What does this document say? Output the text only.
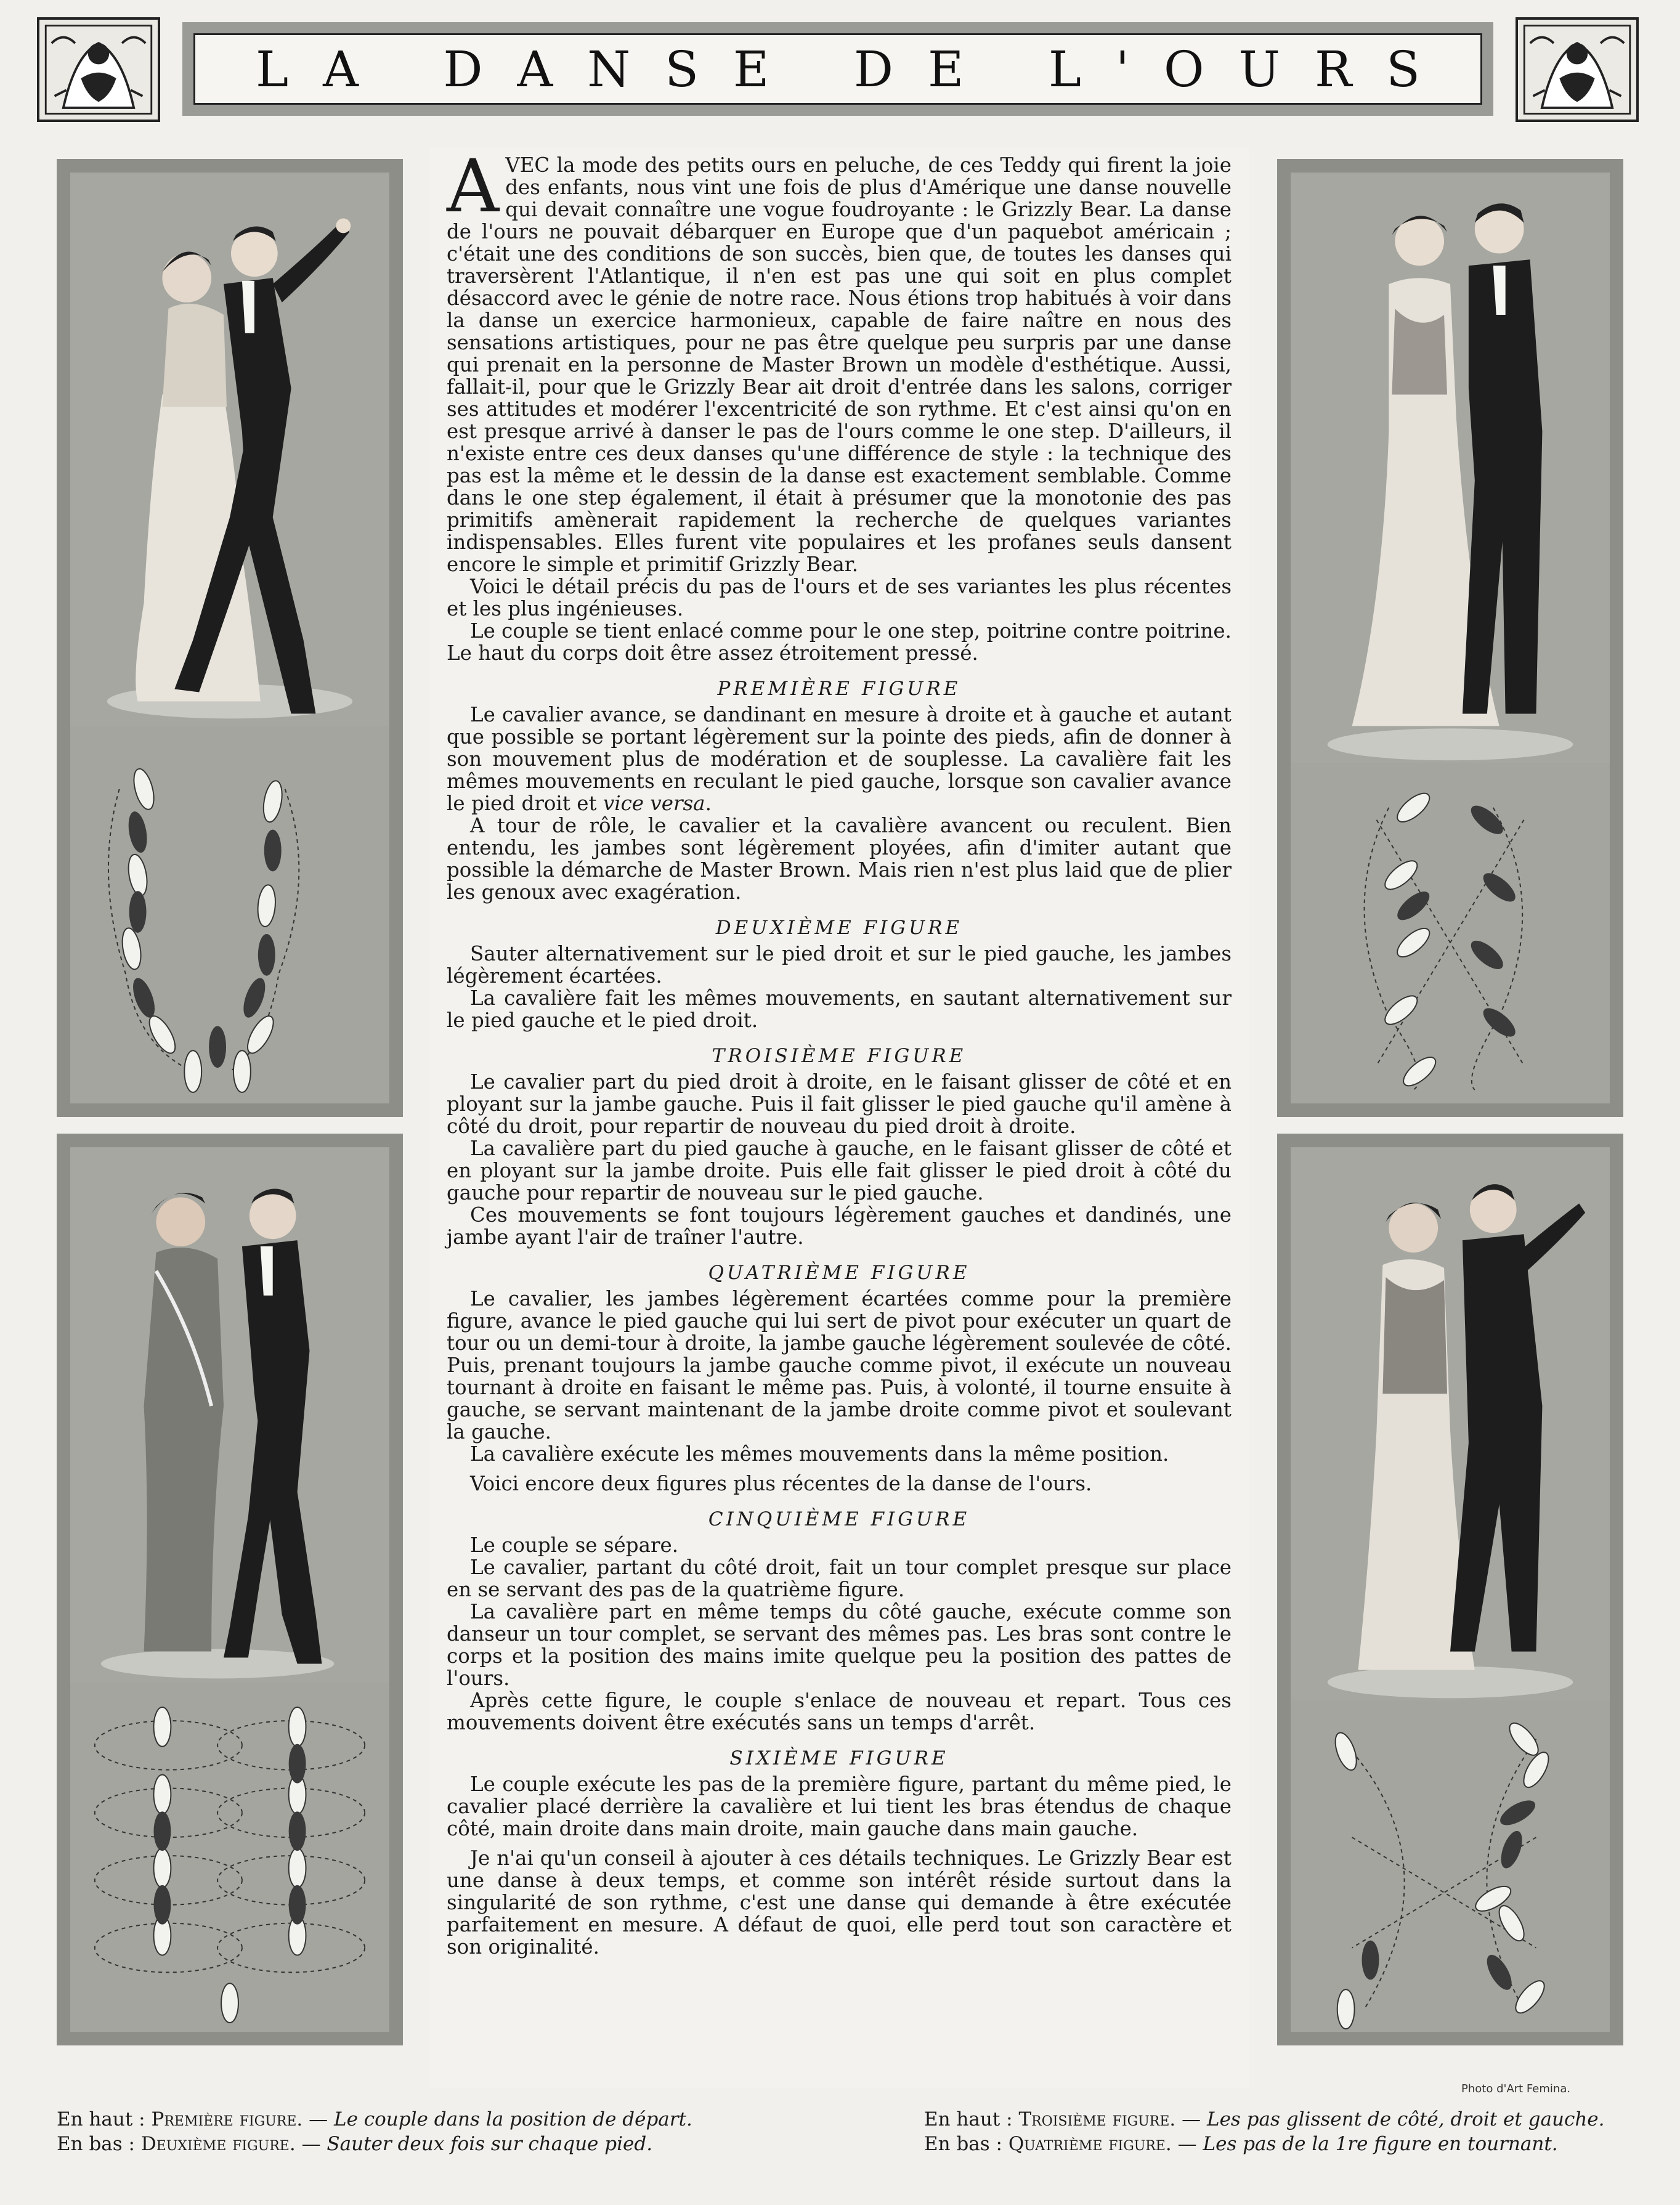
LA DANSE DE L'OURS

AVEC la mode des petits ours en peluche, de ces Teddy qui firent la joie des enfants, nous vint une fois de plus d'Amérique une danse nouvelle qui devait connaître une vogue foudroyante : le Grizzly Bear. La danse de l'ours ne pouvait débarquer en Europe que d'un paquebot américain ; c'était une des conditions de son succès, bien que, de toutes les danses qui traversèrent l'Atlantique, il n'en est pas une qui soit en plus complet désaccord avec le génie de notre race. Nous étions trop habitués à voir dans la danse un exercice harmonieux, capable de faire naître en nous des sensations artistiques, pour ne pas être quelque peu surpris par une danse qui prenait en la personne de Master Brown un modèle d'esthétique. Aussi, fallait-il, pour que le Grizzly Bear ait droit d'entrée dans les salons, corriger ses attitudes et modérer l'excentricité de son rythme. Et c'est ainsi qu'on en est presque arrivé à danser le pas de l'ours comme le one step. D'ailleurs, il n'existe entre ces deux danses qu'une différence de style : la technique des pas est la même et le dessin de la danse est exactement semblable. Comme dans le one step également, il était à présumer que la monotonie des pas primitifs amènerait rapidement la recherche de quelques variantes indispensables. Elles furent vite populaires et les profanes seuls dansent encore le simple et primitif Grizzly Bear.

Voici le détail précis du pas de l'ours et de ses variantes les plus récentes et les plus ingénieuses.

Le couple se tient enlacé comme pour le one step, poitrine contre poitrine. Le haut du corps doit être assez étroitement pressé.

PREMIÈRE FIGURE

Le cavalier avance, se dandinant en mesure à droite et à gauche et autant que possible se portant légèrement sur la pointe des pieds, afin de donner à son mouvement plus de modération et de souplesse. La cavalière fait les mêmes mouvements en reculant le pied gauche, lorsque son cavalier avance le pied droit et vice versa.

A tour de rôle, le cavalier et la cavalière avancent ou reculent. Bien entendu, les jambes sont légèrement ployées, afin d'imiter autant que possible la démarche de Master Brown. Mais rien n'est plus laid que de plier les genoux avec exagération.

DEUXIÈME FIGURE

Sauter alternativement sur le pied droit et sur le pied gauche, les jambes légèrement écartées.

La cavalière fait les mêmes mouvements, en sautant alternativement sur le pied gauche et le pied droit.

TROISIÈME FIGURE

Le cavalier part du pied droit à droite, en le faisant glisser de côté et en ployant sur la jambe gauche. Puis il fait glisser le pied gauche qu'il amène à côté du droit, pour repartir de nouveau du pied droit à droite.

La cavalière part du pied gauche à gauche, en le faisant glisser de côté et en ployant sur la jambe droite. Puis elle fait glisser le pied droit à côté du gauche pour repartir de nouveau sur le pied gauche.

Ces mouvements se font toujours légèrement gauches et dandinés, une jambe ayant l'air de traîner l'autre.

QUATRIÈME FIGURE

Le cavalier, les jambes légèrement écartées comme pour la première figure, avance le pied gauche qui lui sert de pivot pour exécuter un quart de tour ou un demi-tour à droite, la jambe gauche légèrement soulevée de côté. Puis, prenant toujours la jambe gauche comme pivot, il exécute un nouveau tournant à droite en faisant le même pas. Puis, à volonté, il tourne ensuite à gauche, se servant maintenant de la jambe droite comme pivot et soulevant la gauche.

La cavalière exécute les mêmes mouvements dans la même position.

Voici encore deux figures plus récentes de la danse de l'ours.

CINQUIÈME FIGURE

Le couple se sépare.

Le cavalier, partant du côté droit, fait un tour complet presque sur place en se servant des pas de la quatrième figure.

La cavalière part en même temps du côté gauche, exécute comme son danseur un tour complet, se servant des mêmes pas. Les bras sont contre le corps et la position des mains imite quelque peu la position des pattes de l'ours.

Après cette figure, le couple s'enlace de nouveau et repart. Tous ces mouvements doivent être exécutés sans un temps d'arrêt.

SIXIÈME FIGURE

Le couple exécute les pas de la première figure, partant du même pied, le cavalier placé derrière la cavalière et lui tient les bras étendus de chaque côté, main droite dans main droite, main gauche dans main gauche.

Je n'ai qu'un conseil à ajouter à ces détails techniques. Le Grizzly Bear est une danse à deux temps, et comme son intérêt réside surtout dans la singularité de son rythme, c'est une danse qui demande à être exécutée parfaitement en mesure. A défaut de quoi, elle perd tout son caractère et son originalité.

Photo d'Art Femina.
En haut : Première figure. — Le couple dans la position de départ.
En bas : Deuxième figure. — Sauter deux fois sur chaque pied.
En haut : Troisième figure. — Les pas glissent de côté, droit et gauche.
En bas : Quatrième figure. — Les pas de la 1re figure en tournant.
